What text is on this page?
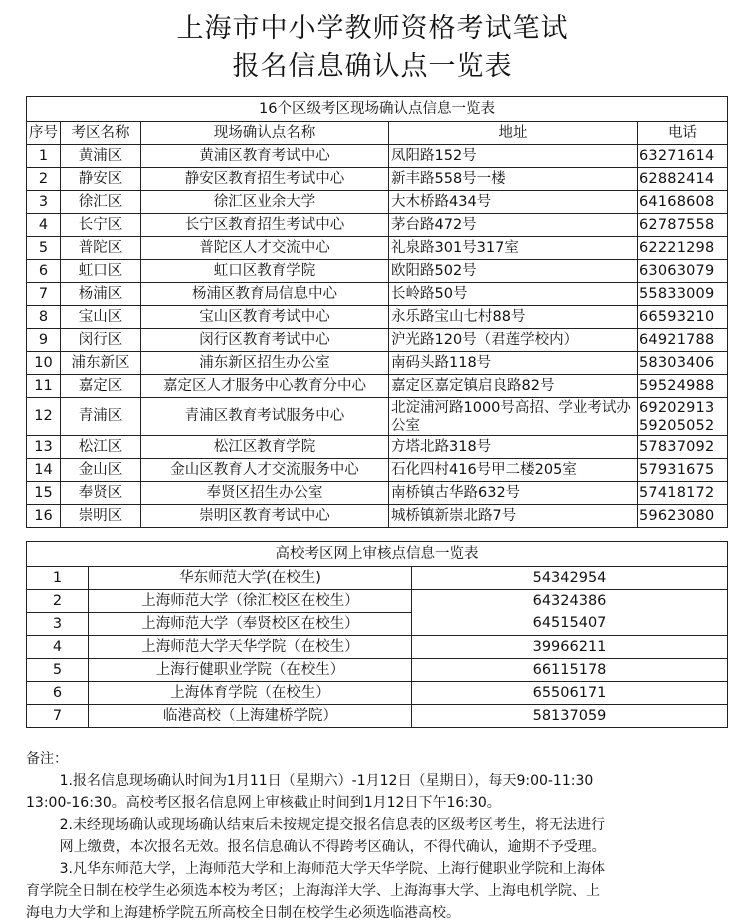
上海市中小学教师资格考试笔试
报名信息确认点一览表
16个区级考区现场确认点信息一览表				
序号	考区名称	现场确认点名称	地址	电话
1	黄浦区	黄浦区教育考试中心	凤阳路152号	63271614
2	静安区	静安区教育招生考试中心	新丰路558号一楼	62882414
3	徐汇区	徐汇区业余大学	大木桥路434号	64168608
4	长宁区	长宁区教育招生考试中心	茅台路472号	62787558
5	普陀区	普陀区人才交流中心	礼泉路301号317室	62221298
6	虹口区	虹口区教育学院	欧阳路502号	63063079
7	杨浦区	杨浦区教育局信息中心	长岭路50号	55833009
8	宝山区	宝山区教育考试中心	永乐路宝山七村88号	66593210
9	闵行区	闵行区教育考试中心	沪光路120号（君莲学校内）	64921788
10	浦东新区	浦东新区招生办公室	南码头路118号	58303406
11	嘉定区	嘉定区人才服务中心教育分中心	嘉定区嘉定镇启良路82号	59524988
12	青浦区	青浦区教育考试服务中心	北淀浦河路1000号高招、学业考试办公室	69202913
59205052

13	松江区	松江区教育学院	方塔北路318号	57837092
14	金山区	金山区教育人才交流服务中心	石化四村416号甲二楼205室	57931675
15	奉贤区	奉贤区招生办公室	南桥镇古华路632号	57418172
16	崇明区	崇明区教育考试中心	城桥镇新崇北路7号	59623080
高校考区网上审核点信息一览表		
1	华东师范大学(在校生)	54342954
2	上海师范大学（徐汇校区在校生）	64324386
3	上海师范大学（奉贤校区在校生）	64515407
4	上海师范大学天华学院（在校生）	39966211
5	上海行健职业学院（在校生）	66115178
6	上海体育学院（在校生）	65506171
7	临港高校（上海建桥学院）	58137059

备注：

1.报名信息现场确认时间为1月11日（星期六）-1月12日（星期日），每天9:00-11:30

13:00-16:30。高校考区报名信息网上审核截止时间到1月12日下午16:30。

2.未经现场确认或现场确认结束后未按规定提交报名信息表的区级考区考生，将无法进行

网上缴费，本次报名无效。报名信息确认不得跨考区确认，不得代确认，逾期不予受理。

3.凡华东师范大学，上海师范大学和上海师范大学天华学院、上海行健职业学院和上海体

育学院全日制在校学生必须选本校为考区；上海海洋大学、上海海事大学、上海电机学院、上

海电力大学和上海建桥学院五所高校全日制在校学生必须选临港高校。
